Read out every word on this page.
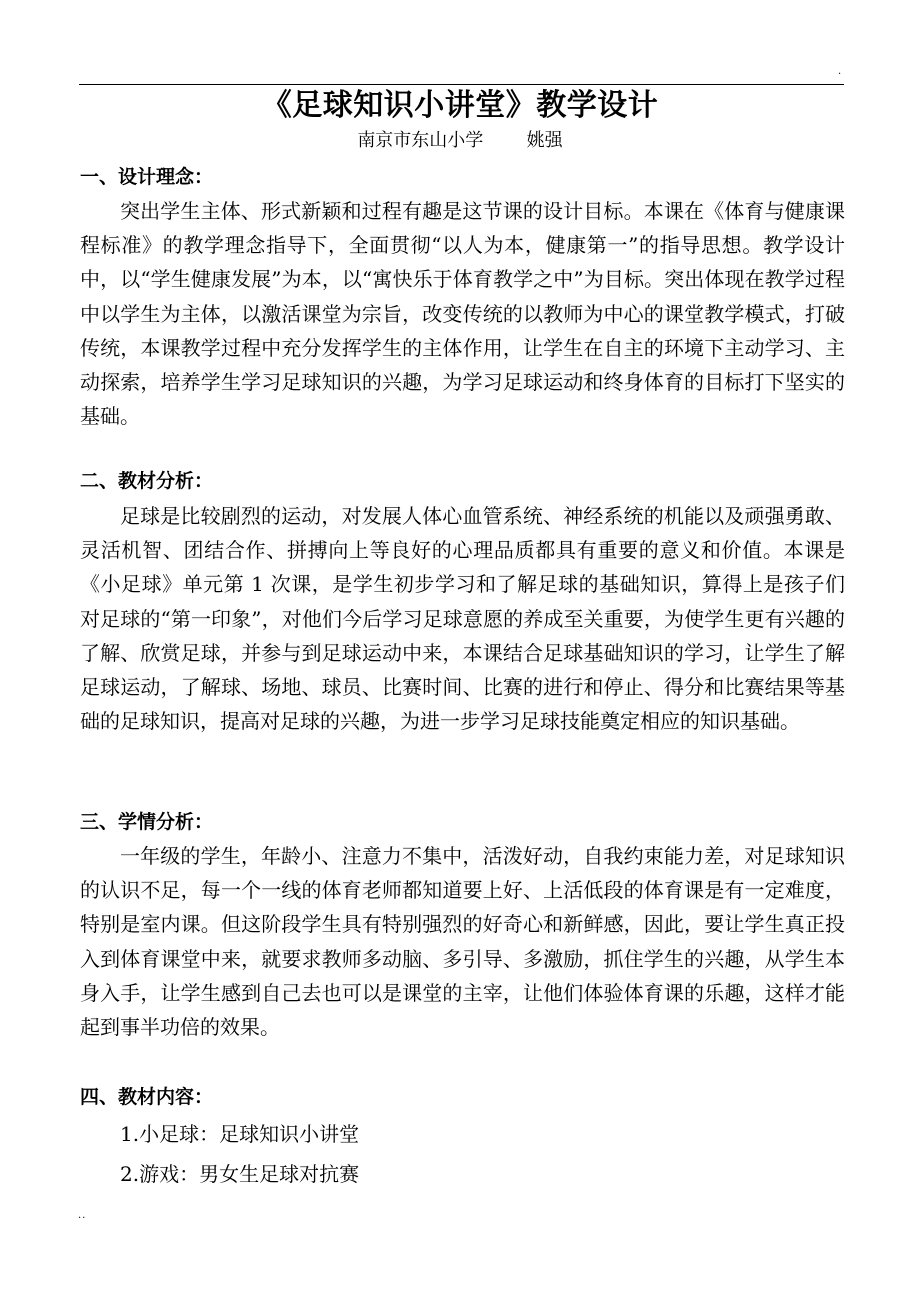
.
《足球知识小讲堂》教学设计
南京市东山小学    姚强
一、设计理念：

突出学生主体、形式新颖和过程有趣是这节课的设计目标。本课在《体育与健康课程标准》的教学理念指导下，全面贯彻“以人为本，健康第一”的指导思想。教学设计中，以“学生健康发展”为本，以“寓快乐于体育教学之中”为目标。突出体现在教学过程中以学生为主体，以激活课堂为宗旨，改变传统的以教师为中心的课堂教学模式，打破传统，本课教学过程中充分发挥学生的主体作用，让学生在自主的环境下主动学习、主动探索，培养学生学习足球知识的兴趣，为学习足球运动和终身体育的目标打下坚实的基础。

二、教材分析：

足球是比较剧烈的运动，对发展人体心血管系统、神经系统的机能以及顽强勇敢、灵活机智、团结合作、拼搏向上等良好的心理品质都具有重要的意义和价值。本课是《小足球》单元第 1 次课，是学生初步学习和了解足球的基础知识，算得上是孩子们对足球的“第一印象”，对他们今后学习足球意愿的养成至关重要，为使学生更有兴趣的了解、欣赏足球，并参与到足球运动中来，本课结合足球基础知识的学习，让学生了解足球运动，了解球、场地、球员、比赛时间、比赛的进行和停止、得分和比赛结果等基础的足球知识，提高对足球的兴趣，为进一步学习足球技能奠定相应的知识基础。

三、学情分析：

一年级的学生，年龄小、注意力不集中，活泼好动，自我约束能力差，对足球知识的认识不足，每一个一线的体育老师都知道要上好、上活低段的体育课是有一定难度，特别是室内课。但这阶段学生具有特别强烈的好奇心和新鲜感，因此，要让学生真正投入到体育课堂中来，就要求教师多动脑、多引导、多激励，抓住学生的兴趣，从学生本身入手，让学生感到自己去也可以是课堂的主宰，让他们体验体育课的乐趣，这样才能起到事半功倍的效果。

四、教材内容：
1.小足球：足球知识小讲堂
2.游戏：男女生足球对抗赛
..
